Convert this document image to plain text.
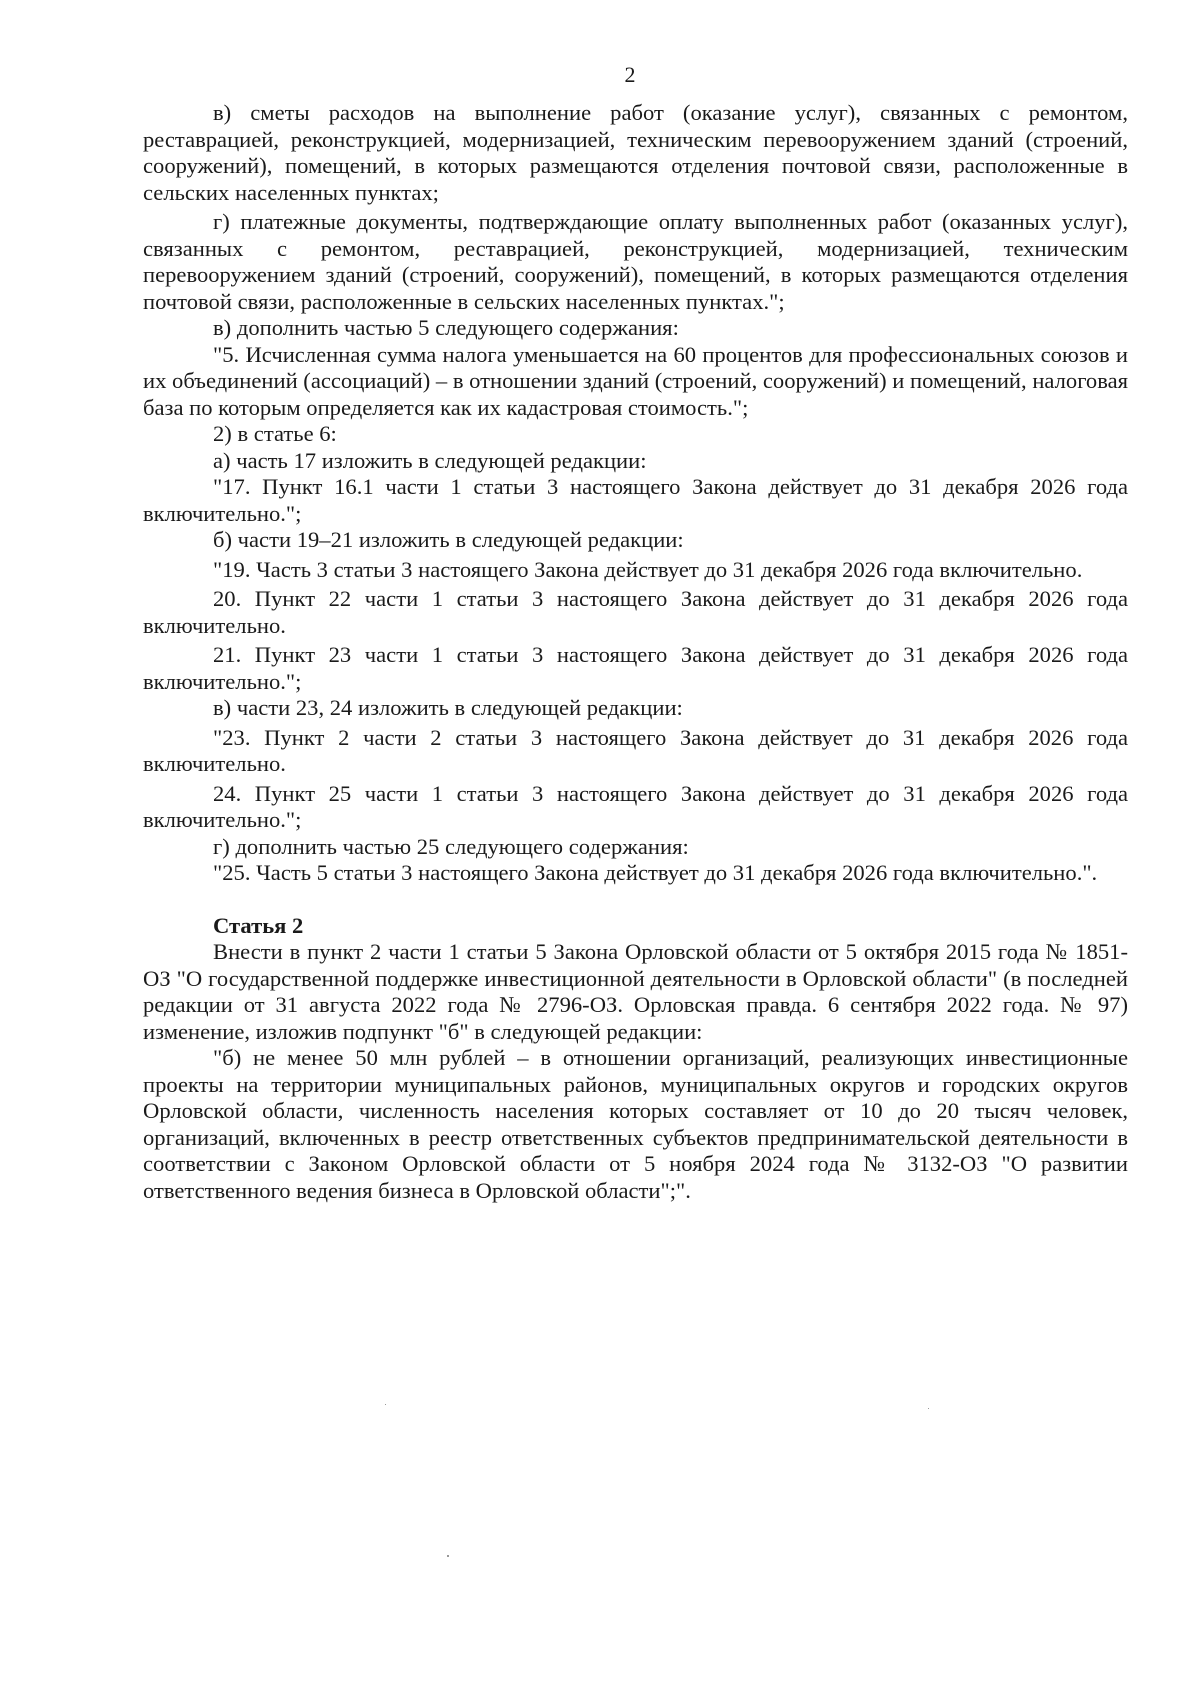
2

в) сметы расходов на выполнение работ (оказание услуг), связанных с ремонтом, реставрацией, реконструкцией, модернизацией, техническим перевооружением зданий (строений, сооружений), помещений, в которых размещаются отделения почтовой связи, расположенные в сельских населенных пунктах;

г) платежные документы, подтверждающие оплату выполненных работ (оказанных услуг), связанных с ремонтом, реставрацией, реконструкцией, модернизацией, техническим перевооружением зданий (строений, сооружений), помещений, в которых размещаются отделения почтовой связи, расположенные в сельских населенных пунктах.";

в) дополнить частью 5 следующего содержания:

"5. Исчисленная сумма налога уменьшается на 60 процентов для профессиональных союзов и их объединений (ассоциаций) – в отношении зданий (строений, сооружений) и помещений, налоговая база по которым определяется как их кадастровая стоимость.";

2) в статье 6:

а) часть 17 изложить в следующей редакции:

"17. Пункт 16.1 части 1 статьи 3 настоящего Закона действует до 31 декабря 2026 года включительно.";

б) части 19–21 изложить в следующей редакции:

"19. Часть 3 статьи 3 настоящего Закона действует до 31 декабря 2026 года включительно.

20. Пункт 22 части 1 статьи 3 настоящего Закона действует до 31 декабря 2026 года включительно.

21. Пункт 23 части 1 статьи 3 настоящего Закона действует до 31 декабря 2026 года включительно.";

в) части 23, 24 изложить в следующей редакции:

"23. Пункт 2 части 2 статьи 3 настоящего Закона действует до 31 декабря 2026 года включительно.

24. Пункт 25 части 1 статьи 3 настоящего Закона действует до 31 декабря 2026 года включительно.";

г) дополнить частью 25 следующего содержания:

"25. Часть 5 статьи 3 настоящего Закона действует до 31 декабря 2026 года включительно.".

Статья 2

Внести в пункт 2 части 1 статьи 5 Закона Орловской области от 5 октября 2015 года № 1851-ОЗ "О государственной поддержке инвестиционной деятельности в Орловской области" (в последней редакции от 31 августа 2022 года № 2796-ОЗ. Орловская правда. 6 сентября 2022 года. № 97) изменение, изложив подпункт "б" в следующей редакции:

"б) не менее 50 млн рублей – в отношении организаций, реализующих инвестиционные проекты на территории муниципальных районов, муниципальных округов и городских округов Орловской области, численность населения которых составляет от 10 до 20 тысяч человек, организаций, включенных в реестр ответственных субъектов предпринимательской деятельности в соответствии с Законом Орловской области от 5 ноября 2024 года № 3132-ОЗ "О развитии ответственного ведения бизнеса в Орловской области";".
